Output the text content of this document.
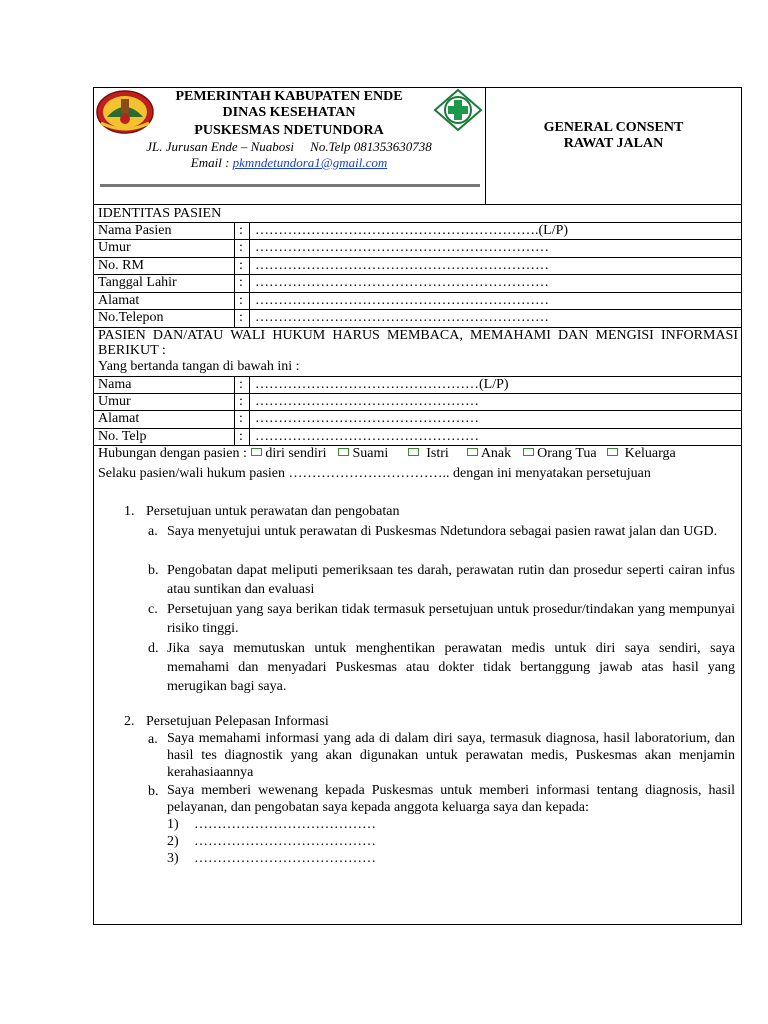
PEMERINTAH KABUPATEN ENDE
DINAS KESEHATAN
PUSKESMAS NDETUNDORA
JL. Jurusan Ende – Nuabosi     No.Telp 081353630738
Email : pkmndetundora1@gmail.com
GENERAL CONSENT
RAWAT JALAN
IDENTITAS PASIEN
Nama Pasien	: …………………………………………………….(L/P)
Umur	: ………………………………………………………
No. RM	: ………………………………………………………
Tanggal Lahir	: ………………………………………………………
Alamat	: ………………………………………………………
No.Telepon	: ………………………………………………………
PASIEN DAN/ATAU WALI HUKUM HARUS MEMBACA, MEMAHAMI DAN MENGISI INFORMASI BERIKUT :
Yang bertanda tangan di bawah ini :
Nama	: …………………………………………(L/P)
Umur	: …………………………………………
Alamat	: …………………………………………
No. Telp	: …………………………………………
Hubungan dengan pasien : diri sendiri Suami	Istri Anak Orang Tua Keluarga
Selaku pasien/wali hukum pasien …………………………….. dengan ini menyatakan persetujuan
1. Persetujuan untuk perawatan dan pengobatan
a. Saya menyetujui untuk perawatan di Puskesmas Ndetundora sebagai pasien rawat jalan dan UGD.
b. Pengobatan dapat meliputi pemeriksaan tes darah, perawatan rutin dan prosedur seperti cairan infus atau suntikan dan evaluasi
c. Persetujuan yang saya berikan tidak termasuk persetujuan untuk prosedur/tindakan yang mempunyai risiko tinggi.
d. Jika saya memutuskan untuk menghentikan perawatan medis untuk diri saya sendiri, saya memahami dan menyadari Puskesmas atau dokter tidak bertanggung jawab atas hasil yang merugikan bagi saya.
2. Persetujuan Pelepasan Informasi
a. Saya memahami informasi yang ada di dalam diri saya, termasuk diagnosa, hasil laboratorium, dan hasil tes diagnostik yang akan digunakan untuk perawatan medis, Puskesmas akan menjamin kerahasiaannya
b. Saya memberi wewenang kepada Puskesmas untuk memberi informasi tentang diagnosis, hasil pelayanan, dan pengobatan saya kepada anggota keluarga saya dan kepada:
1) …………………………………
2) …………………………………
3) …………………………………
